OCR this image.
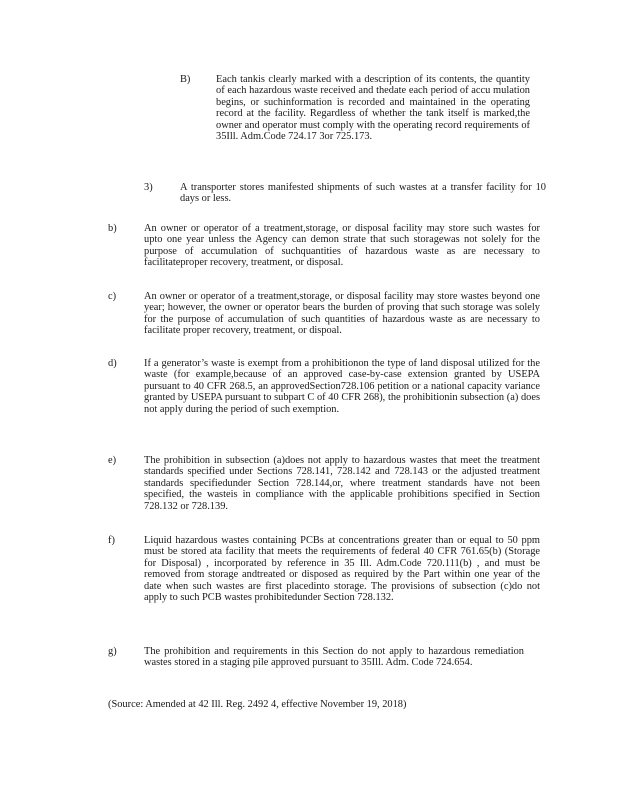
B) Each tankis clearly marked with a description of its contents, the quantity of each hazardous waste received and thedate each period of accu mulation begins, or suchinformation is recorded and maintained in the operating record at the facility. Regardless of whether the tank itself is marked,the owner and operator must comply with the operating record requirements of 35Ill. Adm.Code 724.17 3or 725.173.
3)	A transporter stores manifested shipments of such wastes at a transfer facility for 10 days or less.
b)	An owner or operator of a treatment,storage, or disposal facility may store such wastes for upto one year unless the Agency can demon strate that such storagewas not solely for the purpose of accumulation of suchquantities of hazardous waste as are necessary to facilitateproper recovery, treatment, or disposal.
c)	An owner or operator of a treatment,storage, or disposal facility may store wastes beyond one year; however, the owner or operator bears the burden of proving that such storage was solely for the purpose of accumulation of such quantities of hazardous waste as are necessary to facilitate proper recovery, treatment, or dispoal.
d)	If a generator’s waste is exempt from a prohibitionon the type of land disposal utilized for the waste (for example,because of an approved case-by-case extension granted by USEPA pursuant to 40 CFR 268.5, an approvedSection728.106 petition or a national capacity variance granted by USEPA pursuant to subpart C of 40 CFR 268), the prohibitionin subsection (a) does not apply during the period of such exemption.
e)	The prohibition in subsection (a)does not apply to hazardous wastes that meet the treatment standards specified under Sections 728.141, 728.142 and 728.143 or the adjusted treatment standards specifiedunder Section 728.144,or, where treatment standards have not been specified, the wasteis in compliance with the applicable prohibitions specified in Section 728.132 or 728.139.
f)	Liquid hazardous wastes containing PCBs at concentrations greater than or equal to 50 ppm must be stored ata facility that meets the requirements of federal 40 CFR 761.65(b) (Storage for Disposal) , incorporated by reference in 35 Ill. Adm.Code 720.111(b) , and must be removed from storage andtreated or disposed as required by the Part within one year of the date when such wastes are first placedinto storage. The provisions of subsection (c)do not apply to such PCB wastes prohibitedunder Section 728.132.
g)	The prohibition and requirements in this Section do not apply to hazardous remediation wastes stored in a staging pile approved pursuant to 35Ill. Adm. Code 724.654.
(Source: Amended at 42 Ill. Reg. 2492 4, effective November 19, 2018)
